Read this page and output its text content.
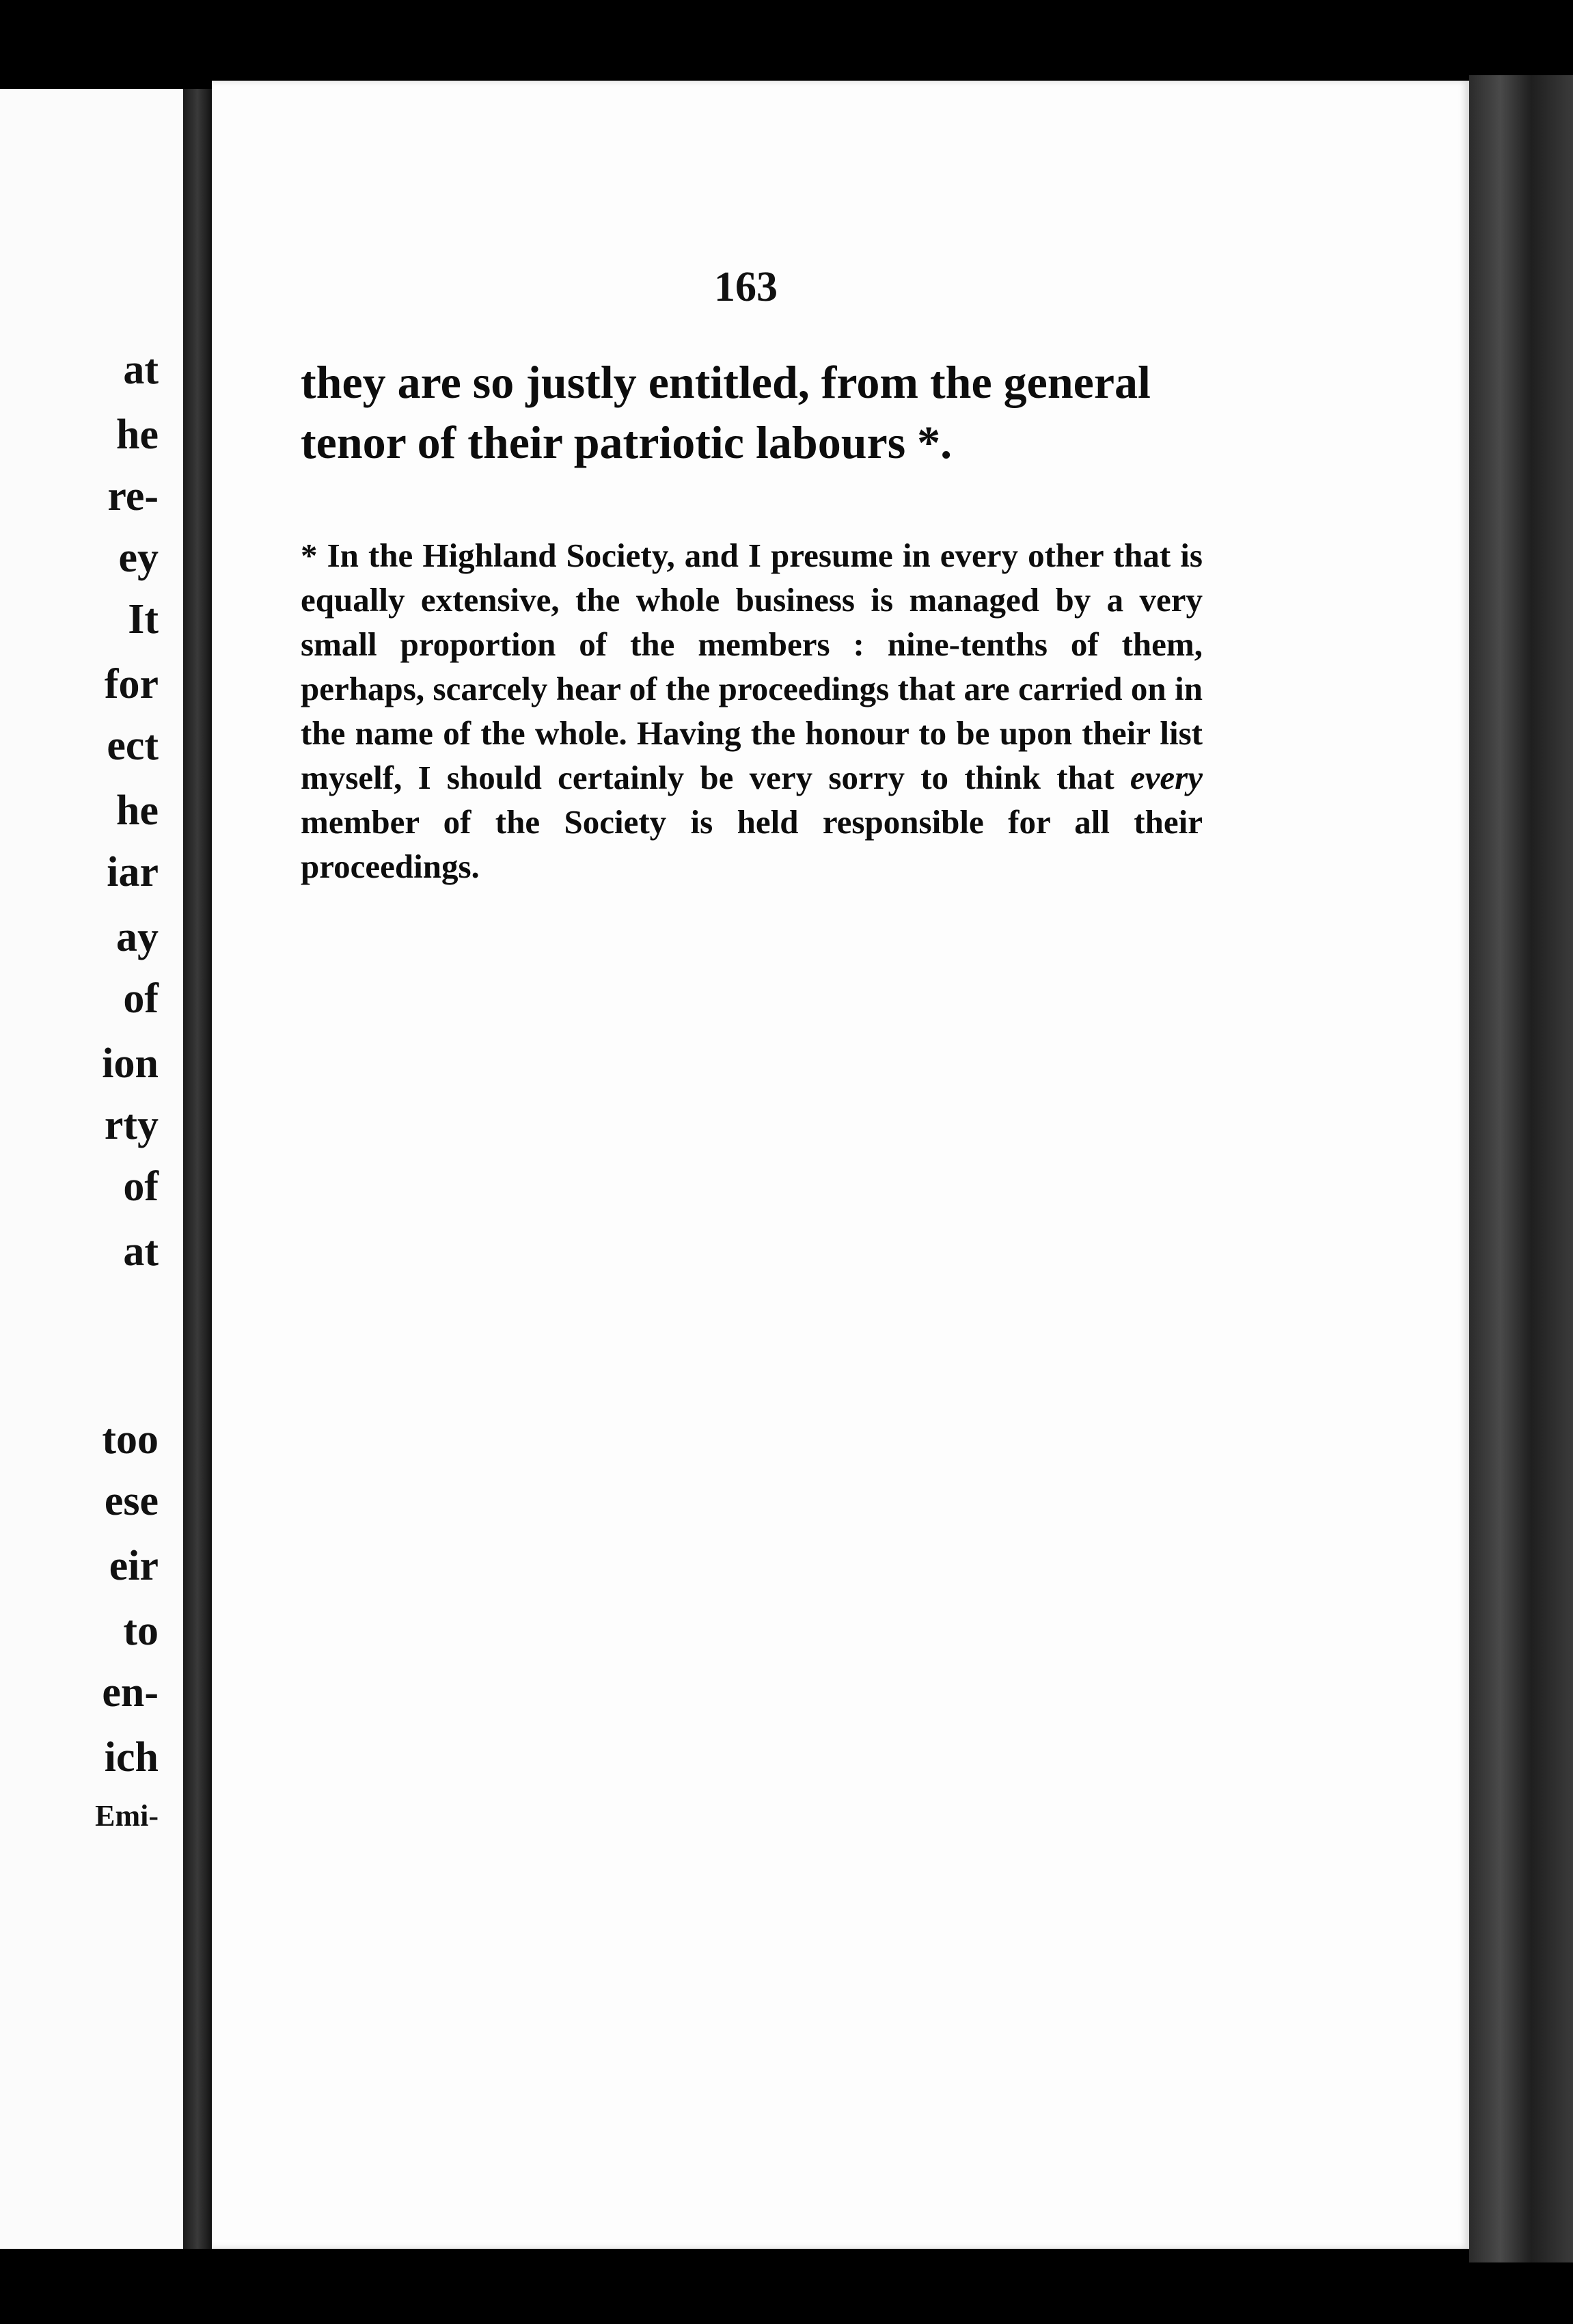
at
he
re-
ey
It
for
ect
he
iar
ay
of
ion
rty
of
at
too
ese
eir
to
en-
ich
Emi-
163

they are so justly entitled, from the general

tenor of their patriotic labours *.

* In the Highland Society, and I presume in every other that is equally extensive, the whole business is managed by a very small proportion of the members : nine-tenths of them, perhaps, scarcely hear of the proceedings that are carried on in the name of the whole. Having the honour to be upon their list myself, I should certainly be very sorry to think that every member of the Society is held responsible for all their proceedings.
